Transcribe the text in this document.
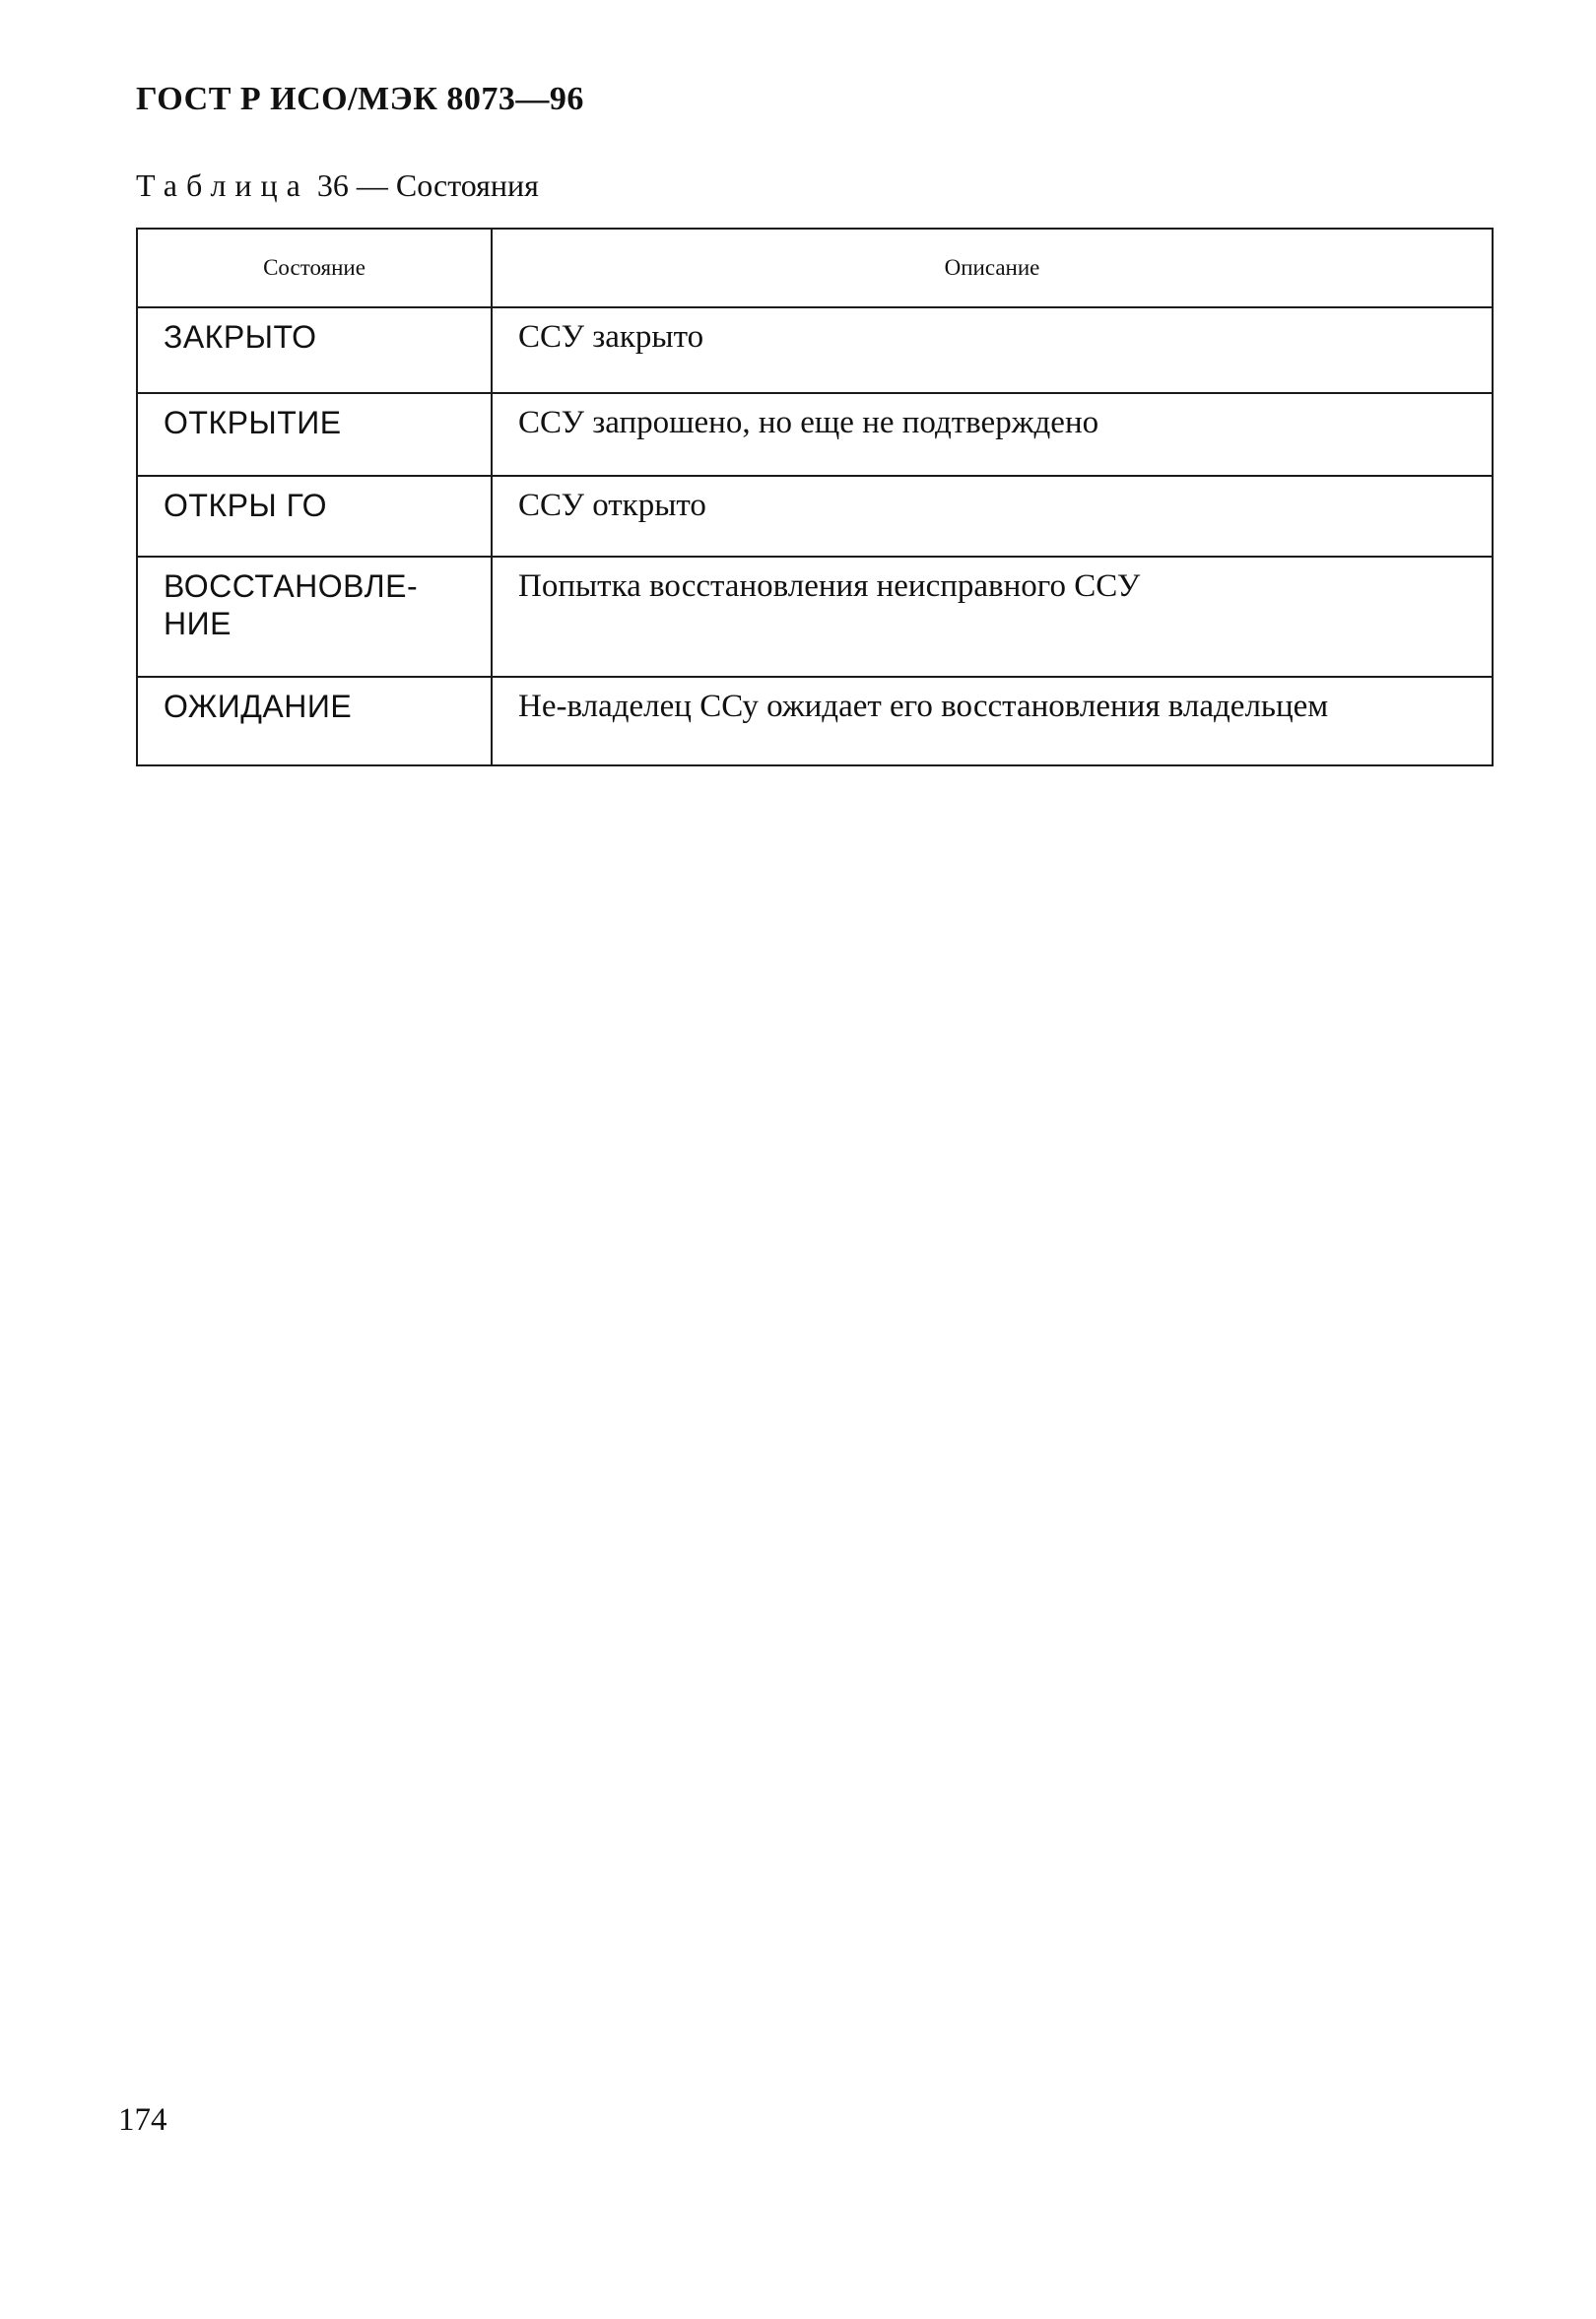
ГОСТ Р ИСО/МЭК 8073—96
Таблица 36 — Состояния
Состояние	Описание
ЗАКРЫТО	ССУ закрыто
ОТКРЫТИЕ	ССУ запрошено, но еще не подтверждено
ОТКРЫ ГО	ССУ открыто
ВОССТАНОВЛЕ-
НИЕ	Попытка восстановления неисправного ССУ
ОЖИДАНИЕ	Не-владелец ССу ожидает его восстановления владельцем
174
